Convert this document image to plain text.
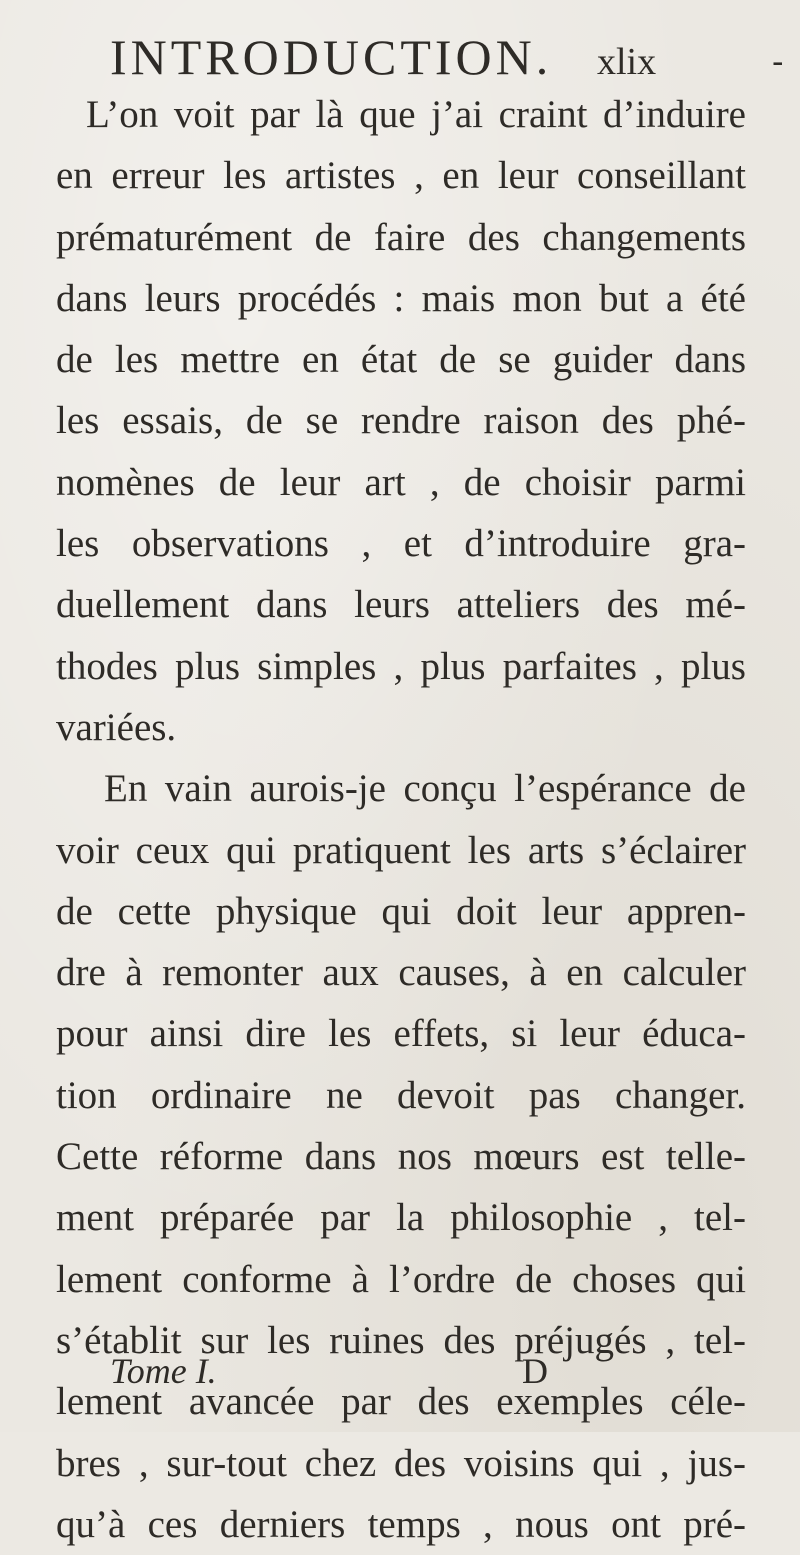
INTRODUCTION. xlix	-
L’on voit par là que j’ai craint d’induire
en erreur les artistes , en leur conseillant
prématurément de faire des changements
dans leurs procédés : mais mon but a été
de les mettre en état de se guider dans
les essais, de se rendre raison des phé-
nomènes de leur art , de choisir parmi
les observations , et d’introduire gra-
duellement dans leurs atteliers des mé-
thodes plus simples , plus parfaites , plus
variées.
En vain aurois-je conçu l’espérance de
voir ceux qui pratiquent les arts s’éclairer
de cette physique qui doit leur appren-
dre à remonter aux causes, à en calculer
pour ainsi dire les effets, si leur éduca-
tion ordinaire ne devoit pas changer.
Cette réforme dans nos mœurs est telle-
ment préparée par la philosophie , tel-
lement conforme à l’ordre de choses qui
s’établit sur les ruines des préjugés , tel-
lement avancée par des exemples céle-
bres , sur-tout chez des voisins qui , jus-
qu’à ces derniers temps , nous ont pré-
Tome I.	D
